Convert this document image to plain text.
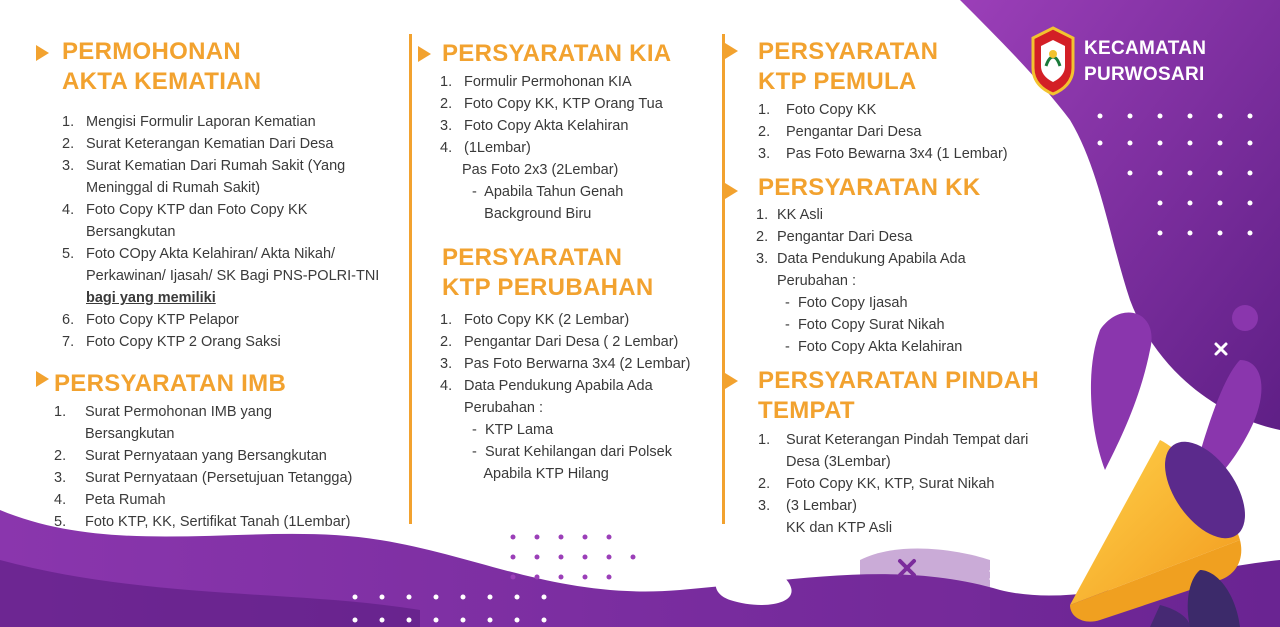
KECAMATAN
PURWOSARI
PERMOHONAN
AKTA KEMATIAN
1. Mengisi Formulir Laporan Kematian
2. Surat Keterangan Kematian Dari Desa
3. Surat Kematian Dari Rumah Sakit (Yang
Meninggal di Rumah Sakit)
4. Foto Copy KTP dan Foto Copy KK
Bersangkutan
5. Foto COpy Akta Kelahiran/ Akta Nikah/
Perkawinan/ Ijasah/ SK Bagi PNS-POLRI-TNI
bagi yang memiliki
6. Foto Copy KTP Pelapor
7. Foto Copy KTP 2 Orang Saksi
PERSYARATAN IMB
1. Surat Permohonan IMB yang
Bersangkutan
2. Surat Pernyataan yang Bersangkutan
3. Surat Pernyataan (Persetujuan Tetangga)
4. Peta Rumah
5. Foto KTP, KK, Sertifikat Tanah (1Lembar)
PERSYARATAN KIA
1. Formulir Permohonan KIA
2. Foto Copy KK, KTP Orang Tua
3. Foto Copy Akta Kelahiran
4. (1Lembar)
Pas Foto 2x3 (2Lembar)
-  Apabila Tahun Genah
Background Biru
PERSYARATAN
KTP PERUBAHAN
1. Foto Copy KK (2 Lembar)
2. Pengantar Dari Desa ( 2 Lembar)
3. Pas Foto Berwarna 3x4 (2 Lembar)
4. Data Pendukung Apabila Ada
Perubahan :
-  KTP Lama
-  Surat Kehilangan dari Polsek
Apabila KTP Hilang
PERSYARATAN
KTP PEMULA
1. Foto Copy KK
2. Pengantar Dari Desa
3. Pas Foto Bewarna 3x4 (1 Lembar)
PERSYARATAN KK
1. KK Asli
2. Pengantar Dari Desa
3. Data Pendukung Apabila Ada
Perubahan :
-  Foto Copy Ijasah
-  Foto Copy Surat Nikah
-  Foto Copy Akta Kelahiran
PERSYARATAN PINDAH
TEMPAT
1. Surat Keterangan Pindah Tempat dari
Desa (3Lembar)
2. Foto Copy KK, KTP, Surat Nikah
3. (3 Lembar)
KK dan KTP Asli
